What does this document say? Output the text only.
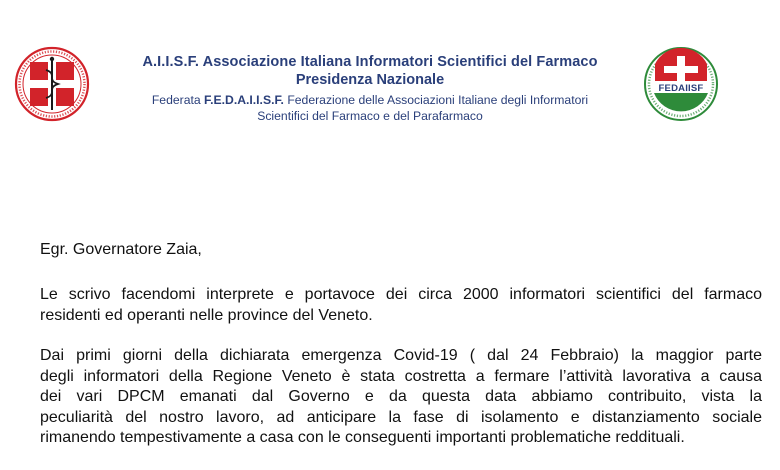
A.I.I.S.F. Associazione Italiana Informatori Scientifici del Farmaco
Presidenza Nazionale
Federata F.E.D.A.I.I.S.F. Federazione delle Associazioni Italiane degli Informatori
Scientifici del Farmaco e del Parafarmaco
FEDAIISF
Egr. Governatore Zaia,
Le scrivo facendomi interprete e portavoce dei circa 2000 informatori scientifici del farmaco
residenti ed operanti nelle province del Veneto.
Dai primi giorni della dichiarata emergenza Covid-19 ( dal 24 Febbraio) la maggior parte
degli informatori della Regione Veneto è stata costretta a fermare l’attività lavorativa a causa
dei vari DPCM emanati dal Governo e da questa data abbiamo contribuito, vista la
peculiarità del nostro lavoro, ad anticipare la fase di isolamento e distanziamento sociale
rimanendo tempestivamente a casa con le conseguenti importanti problematiche reddituali.
